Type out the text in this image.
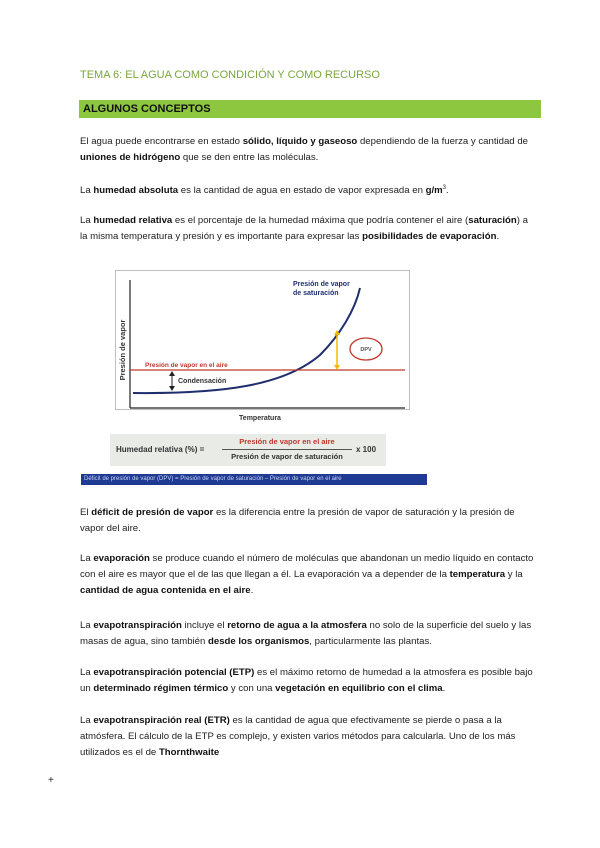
TEMA 6: EL AGUA COMO CONDICIÓN Y COMO RECURSO
ALGUNOS CONCEPTOS
El agua puede encontrarse en estado sólido, líquido y gaseoso dependiendo de la fuerza y cantidad de uniones de hidrógeno que se den entre las moléculas.
La humedad absoluta es la cantidad de agua en estado de vapor expresada en $g/m^3$.
La humedad relativa es el porcentaje de la humedad máxima que podría contener el aire (saturación) a la misma temperatura y presión y es importante para expresar las posibilidades de evaporación.
Presión de vapor
Temperatura
Presión de vapor
de saturación
Presión de vapor en el aire
Condensación
DPV
Humedad relativa (%) =
Presión de vapor en el aire
Presión de vapor de saturación
x 100
Déficit de presión de vapor (DPV) = Presión de vapor de saturación – Presión de vapor en el aire
El déficit de presión de vapor es la diferencia entre la presión de vapor de saturación y la presión de vapor del aire.
La evaporación se produce cuando el número de moléculas que abandonan un medio líquido en contacto con el aire es mayor que el de las que llegan a él. La evaporación va a depender de la temperatura y la cantidad de agua contenida en el aire.
La evapotranspiración incluye el retorno de agua a la atmosfera no solo de la superficie del suelo y las masas de agua, sino también desde los organismos, particularmente las plantas.
La evapotranspiración potencial (ETP) es el máximo retorno de humedad a la atmosfera es posible bajo un determinado régimen térmico y con una vegetación en equilibrio con el clima.
La evapotranspiración real (ETR) es la cantidad de agua que efectivamente se pierde o pasa a la atmósfera. El cálculo de la ETP es complejo, y existen varios métodos para calcularla. Uno de los más utilizados es el de Thornthwaite
+
